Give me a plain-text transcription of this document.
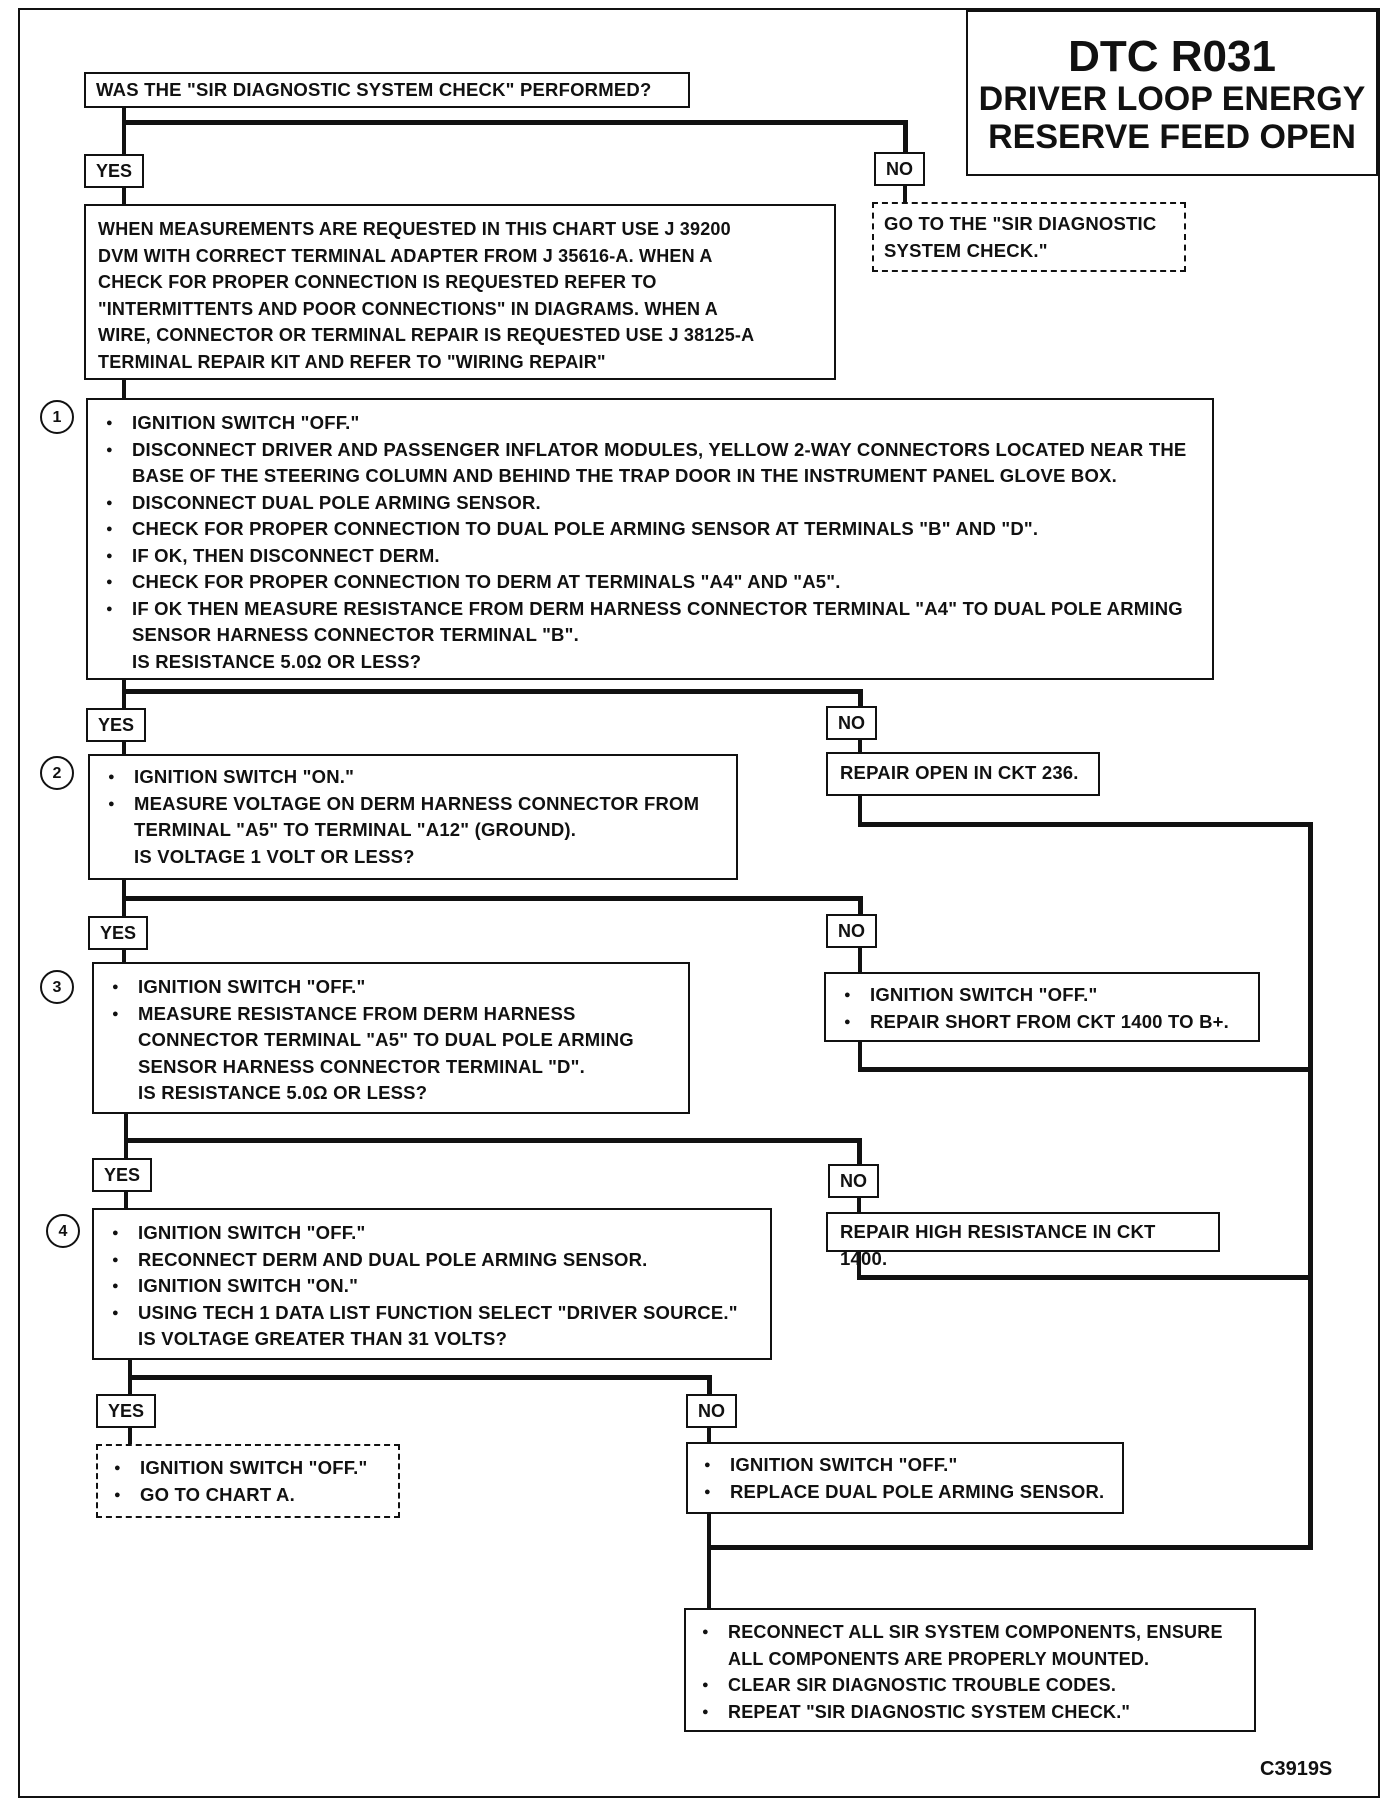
DTC R031
DRIVER LOOP ENERGY
RESERVE FEED OPEN
WAS THE "SIR DIAGNOSTIC SYSTEM CHECK" PERFORMED?
YES	NO
GO TO THE "SIR DIAGNOSTIC
SYSTEM CHECK."
WHEN MEASUREMENTS ARE REQUESTED IN THIS CHART USE J 39200
DVM WITH CORRECT TERMINAL ADAPTER FROM J 35616-A. WHEN A
CHECK FOR PROPER CONNECTION IS REQUESTED REFER TO
"INTERMITTENTS AND POOR CONNECTIONS" IN DIAGRAMS. WHEN A
WIRE, CONNECTOR OR TERMINAL REPAIR IS REQUESTED USE J 38125-A
TERMINAL REPAIR KIT AND REFER TO "WIRING REPAIR"
1	● IGNITION SWITCH "OFF."
● DISCONNECT DRIVER AND PASSENGER INFLATOR MODULES, YELLOW 2-WAY CONNECTORS LOCATED NEAR THE BASE OF THE STEERING COLUMN AND BEHIND THE TRAP DOOR IN THE INSTRUMENT PANEL GLOVE BOX.
● DISCONNECT DUAL POLE ARMING SENSOR.
● CHECK FOR PROPER CONNECTION TO DUAL POLE ARMING SENSOR AT TERMINALS "B" AND "D".
● IF OK, THEN DISCONNECT DERM.
● CHECK FOR PROPER CONNECTION TO DERM AT TERMINALS "A4" AND "A5".
● IF OK THEN MEASURE RESISTANCE FROM DERM HARNESS CONNECTOR TERMINAL "A4" TO DUAL POLE ARMING SENSOR HARNESS CONNECTOR TERMINAL "B".
IS RESISTANCE 5.0Ω OR LESS?
YES	NO
REPAIR OPEN IN CKT 236.
2	● IGNITION SWITCH "ON."
● MEASURE VOLTAGE ON DERM HARNESS CONNECTOR FROM TERMINAL "A5" TO TERMINAL "A12" (GROUND).
IS VOLTAGE 1 VOLT OR LESS?
YES	NO
● IGNITION SWITCH "OFF."
● REPAIR SHORT FROM CKT 1400 TO B+.
3	● IGNITION SWITCH "OFF."
● MEASURE RESISTANCE FROM DERM HARNESS CONNECTOR TERMINAL "A5" TO DUAL POLE ARMING SENSOR HARNESS CONNECTOR TERMINAL "D".
IS RESISTANCE 5.0Ω OR LESS?
YES	NO
REPAIR HIGH RESISTANCE IN CKT 1400.
4	● IGNITION SWITCH "OFF."
● RECONNECT DERM AND DUAL POLE ARMING SENSOR.
● IGNITION SWITCH "ON."
● USING TECH 1 DATA LIST FUNCTION SELECT "DRIVER SOURCE."
IS VOLTAGE GREATER THAN 31 VOLTS?
YES	NO
● IGNITION SWITCH "OFF."
● GO TO CHART A.
● IGNITION SWITCH "OFF."
● REPLACE DUAL POLE ARMING SENSOR.
● RECONNECT ALL SIR SYSTEM COMPONENTS, ENSURE ALL COMPONENTS ARE PROPERLY MOUNTED.
● CLEAR SIR DIAGNOSTIC TROUBLE CODES.
● REPEAT "SIR DIAGNOSTIC SYSTEM CHECK."
C3919S
